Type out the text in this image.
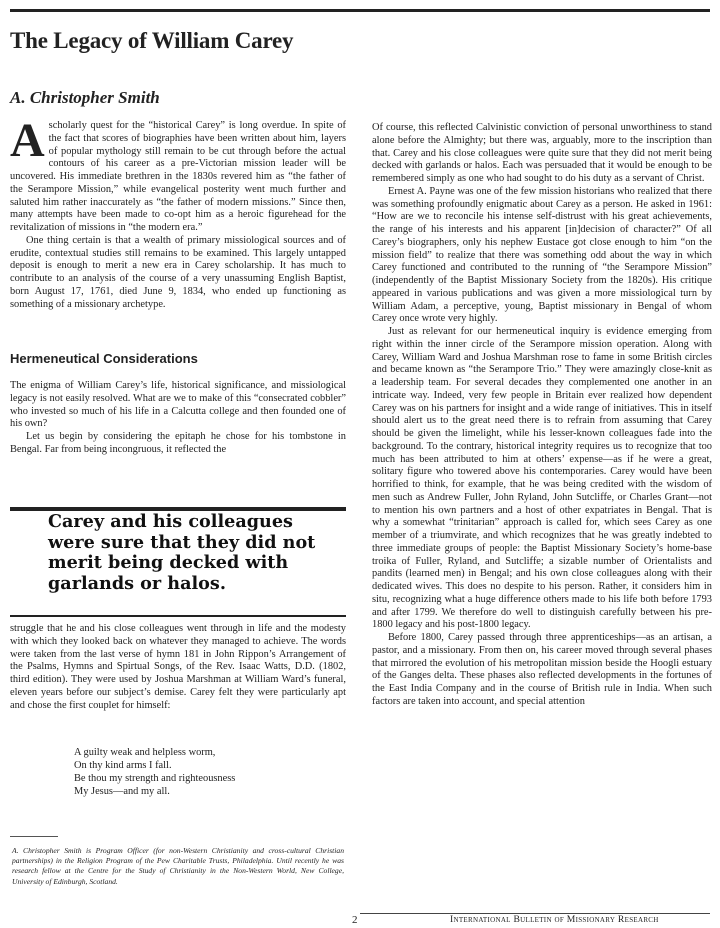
The Legacy of William Carey
A. Christopher Smith

Ascholarly quest for the “historical Carey” is long overdue. In spite of the fact that scores of biographies have been written about him, layers of popular mythology still remain to be cut through before the actual contours of his career as a pre-Victorian mission leader will be uncovered. His immediate brethren in the 1830s revered him as “the father of the Serampore Mission,” while evangelical posterity went much further and saluted him rather inaccurately as “the father of modern missions.” Since then, many attempts have been made to co-opt him as a heroic figurehead for the revitalization of missions in “the modern era.”

One thing certain is that a wealth of primary missiological sources and of erudite, contextual studies still remains to be examined. This largely untapped deposit is enough to merit a new era in Carey scholarship. It has much to contribute to an analysis of the course of a very unassuming English Baptist, born August 17, 1761, died June 9, 1834, who ended up functioning as something of a missionary archetype.

Hermeneutical Considerations

The enigma of William Carey’s life, historical significance, and missiological legacy is not easily resolved. What are we to make of this “consecrated cobbler” who invested so much of his life in a Calcutta college and then founded one of his own?

Let us begin by considering the epitaph he chose for his tombstone in Bengal. Far from being incongruous, it reflected the

Carey and his colleagues were sure that they did not merit being decked with garlands or halos.

struggle that he and his close colleagues went through in life and the modesty with which they looked back on whatever they managed to achieve. The words were taken from the last verse of hymn 181 in John Rippon’s Arrangement of the Psalms, Hymns and Spirtual Songs, of the Rev. Isaac Watts, D.D. (1802, third edition). They were used by Joshua Marshman at William Ward’s funeral, eleven years before our subject’s demise. Carey felt they were particularly apt and chose the first couplet for himself:

A guilty weak and helpless worm,
On thy kind arms I fall.
Be thou my strength and righteousness
My Jesus—and my all.

A. Christopher Smith is Program Officer (for non-Western Christianity and cross-cultural Christian partnerships) in the Religion Program of the Pew Charitable Trusts, Philadelphia. Until recently he was research fellow at the Centre for the Study of Christianity in the Non-Western World, New College, University of Edinburgh, Scotland.

Of course, this reflected Calvinistic conviction of personal unworthiness to stand alone before the Almighty; but there was, arguably, more to the inscription than that. Carey and his close colleagues were quite sure that they did not merit being decked with garlands or halos. Each was persuaded that it would be enough to be remembered simply as one who had sought to do his duty as a servant of Christ.

Ernest A. Payne was one of the few mission historians who realized that there was something profoundly enigmatic about Carey as a person. He asked in 1961: “How are we to reconcile his intense self-distrust with his great achievements, the range of his interests and his apparent [in]decision of character?” Of all Carey’s biographers, only his nephew Eustace got close enough to him “on the mission field” to realize that there was something odd about the way in which Carey functioned and contributed to the running of “the Serampore Mission” (independently of the Baptist Missionary Society from the 1820s). His critique appeared in various publications and was given a more missiological turn by William Adam, a perceptive, young, Baptist missionary in Bengal of whom Carey once wrote very highly.

Just as relevant for our hermeneutical inquiry is evidence emerging from right within the inner circle of the Serampore mission operation. Along with Carey, William Ward and Joshua Marshman rose to fame in some British circles and became known as “the Serampore Trio.” They were amazingly close-knit as a leadership team. For several decades they complemented one another in an intricate way. Indeed, very few people in Britain ever realized how dependent Carey was on his partners for insight and a wide range of initiatives. This in itself should alert us to the great need there is to refrain from assuming that Carey should be given the limelight, while his lesser-known colleagues fade into the background. To the contrary, historical integrity requires us to recognize that too much has been attributed to him at others’ expense—as if he were a great, solitary figure who towered above his contemporaries. Carey would have been horrified to think, for example, that he was being credited with the wisdom of men such as Andrew Fuller, John Ryland, John Sutcliffe, or Charles Grant—not to mention his own partners and a host of other expatriates in Bengal. That is why a somewhat “trinitarian” approach is called for, which sees Carey as one member of a triumvirate, and which recognizes that he was greatly indebted to three immediate groups of people: the Baptist Missionary Society’s home-base troika of Fuller, Ryland, and Sutcliffe; a sizable number of Orientalists and pandits (learned men) in Bengal; and his own close colleagues along with their dedicated wives. This does no despite to his person. Rather, it considers him in situ, recognizing what a huge difference others made to his life both before 1793 and after 1799. We therefore do well to distinguish carefully between his pre-1800 legacy and his post-1800 legacy.

Before 1800, Carey passed through three apprenticeships—as an artisan, a pastor, and a missionary. From then on, his career moved through several phases that mirrored the evolution of his metropolitan mission beside the Hoogli estuary of the Ganges delta. These phases also reflected developments in the fortunes of the East India Company and in the course of British rule in India. When such factors are taken into account, and special attention

2	International Bulletin of Missionary Research
